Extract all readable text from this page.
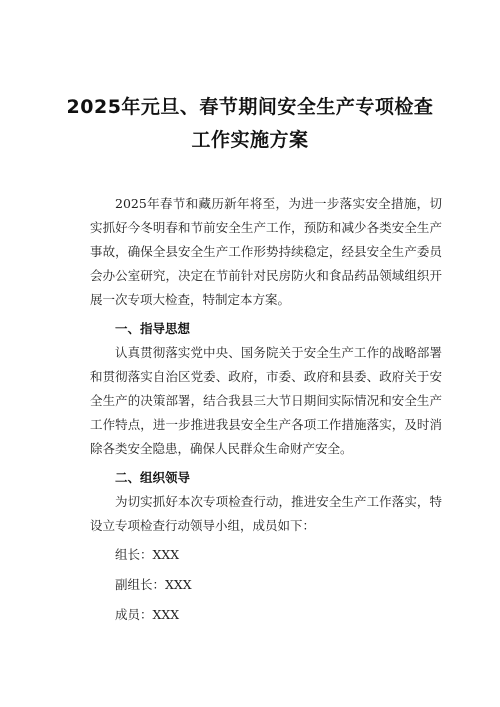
2025年元旦、春节期间安全生产专项检查
工作实施方案

2025年春节和藏历新年将至，为进一步落实安全措施，切实抓好今冬明春和节前安全生产工作，预防和减少各类安全生产事故，确保全县安全生产工作形势持续稳定，经县安全生产委员会办公室研究，决定在节前针对民房防火和食品药品领域组织开展一次专项大检查，特制定本方案。

一、指导思想

认真贯彻落实党中央、国务院关于安全生产工作的战略部署和贯彻落实自治区党委、政府，市委、政府和县委、政府关于安全生产的决策部署，结合我县三大节日期间实际情况和安全生产工作特点，进一步推进我县安全生产各项工作措施落实，及时消除各类安全隐患，确保人民群众生命财产安全。

二、组织领导

为切实抓好本次专项检查行动，推进安全生产工作落实，特设立专项检查行动领导小组，成员如下：

组长：XXX

副组长：XXX

成员：XXX
